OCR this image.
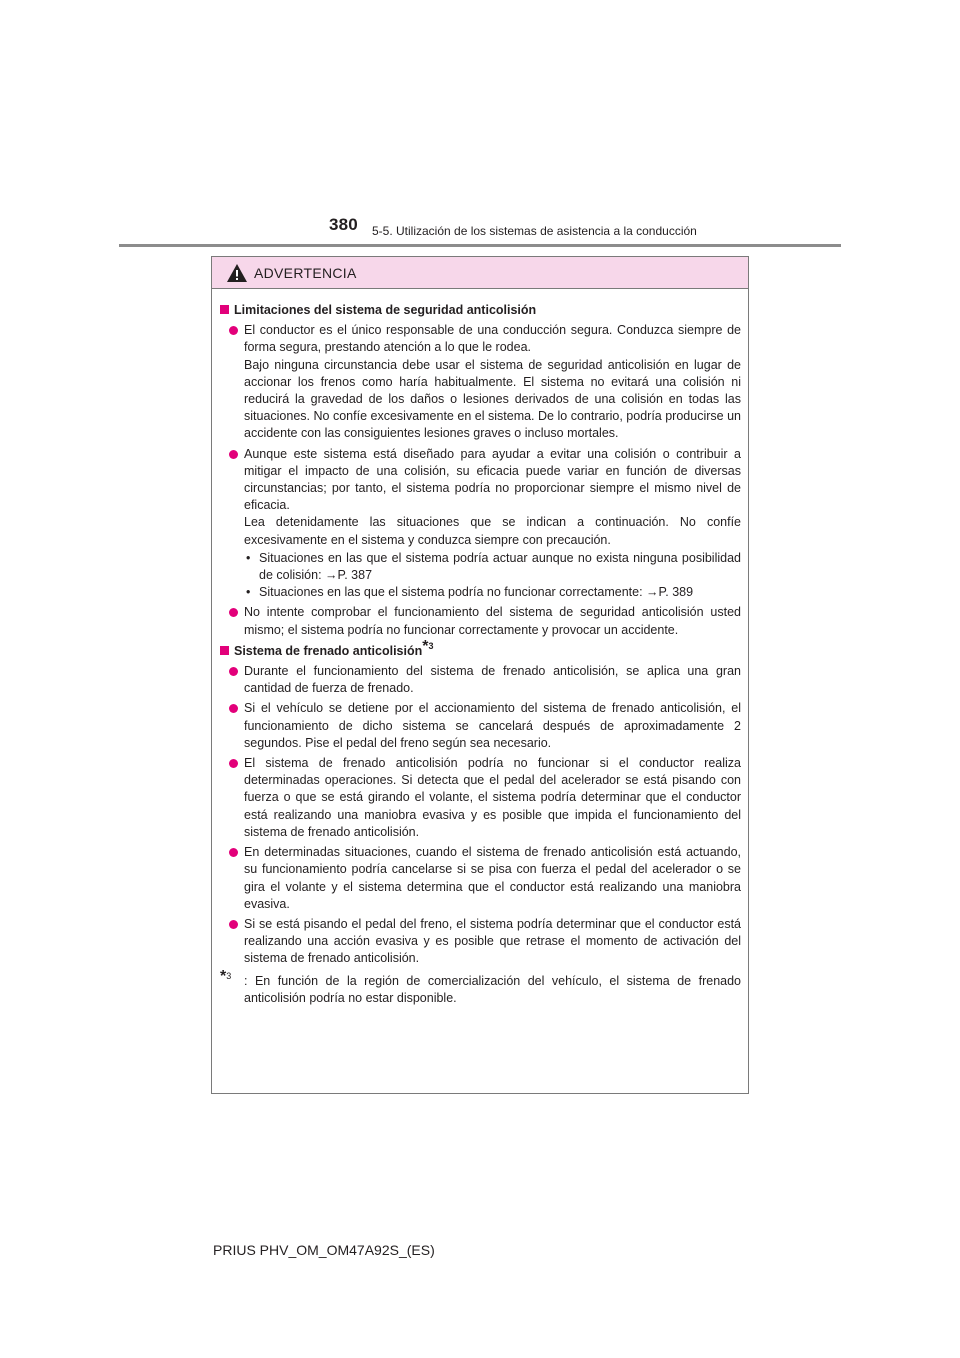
380 5-5. Utilización de los sistemas de asistencia a la conducción
ADVERTENCIA
Limitaciones del sistema de seguridad anticolisión
El conductor es el único responsable de una conducción segura. Conduzca siempre de forma segura, prestando atención a lo que le rodea.
Bajo ninguna circunstancia debe usar el sistema de seguridad anticolisión en lugar de accionar los frenos como haría habitualmente. El sistema no evitará una colisión ni reducirá la gravedad de los daños o lesiones derivados de una colisión en todas las situaciones. No confíe excesivamente en el sistema. De lo contrario, podría producirse un accidente con las consiguientes lesiones graves o incluso mortales.
Aunque este sistema está diseñado para ayudar a evitar una colisión o contribuir a mitigar el impacto de una colisión, su eficacia puede variar en función de diversas circunstancias; por tanto, el sistema podría no proporcionar siempre el mismo nivel de eficacia.
Lea detenidamente las situaciones que se indican a continuación. No confíe excesivamente en el sistema y conduzca siempre con precaución.
• Situaciones en las que el sistema podría actuar aunque no exista ninguna posibilidad de colisión: →P. 387
• Situaciones en las que el sistema podría no funcionar correctamente: →P. 389
No intente comprobar el funcionamiento del sistema de seguridad anticolisión usted mismo; el sistema podría no funcionar correctamente y provocar un accidente.
Sistema de frenado anticolisión$^{*3}$
Durante el funcionamiento del sistema de frenado anticolisión, se aplica una gran cantidad de fuerza de frenado.
Si el vehículo se detiene por el accionamiento del sistema de frenado anticolisión, el funcionamiento de dicho sistema se cancelará después de aproximadamente 2 segundos. Pise el pedal del freno según sea necesario.
El sistema de frenado anticolisión podría no funcionar si el conductor realiza determinadas operaciones. Si detecta que el pedal del acelerador se está pisando con fuerza o que se está girando el volante, el sistema podría determinar que el conductor está realizando una maniobra evasiva y es posible que impida el funcionamiento del sistema de frenado anticolisión.
En determinadas situaciones, cuando el sistema de frenado anticolisión está actuando, su funcionamiento podría cancelarse si se pisa con fuerza el pedal del acelerador o se gira el volante y el sistema determina que el conductor está realizando una maniobra evasiva.
Si se está pisando el pedal del freno, el sistema podría determinar que el conductor está realizando una acción evasiva y es posible que retrase el momento de activación del sistema de frenado anticolisión.
$^{*3}$ : En función de la región de comercialización del vehículo, el sistema de frenado anticolisión podría no estar disponible.
PRIUS PHV_OM_OM47A92S_(ES)
